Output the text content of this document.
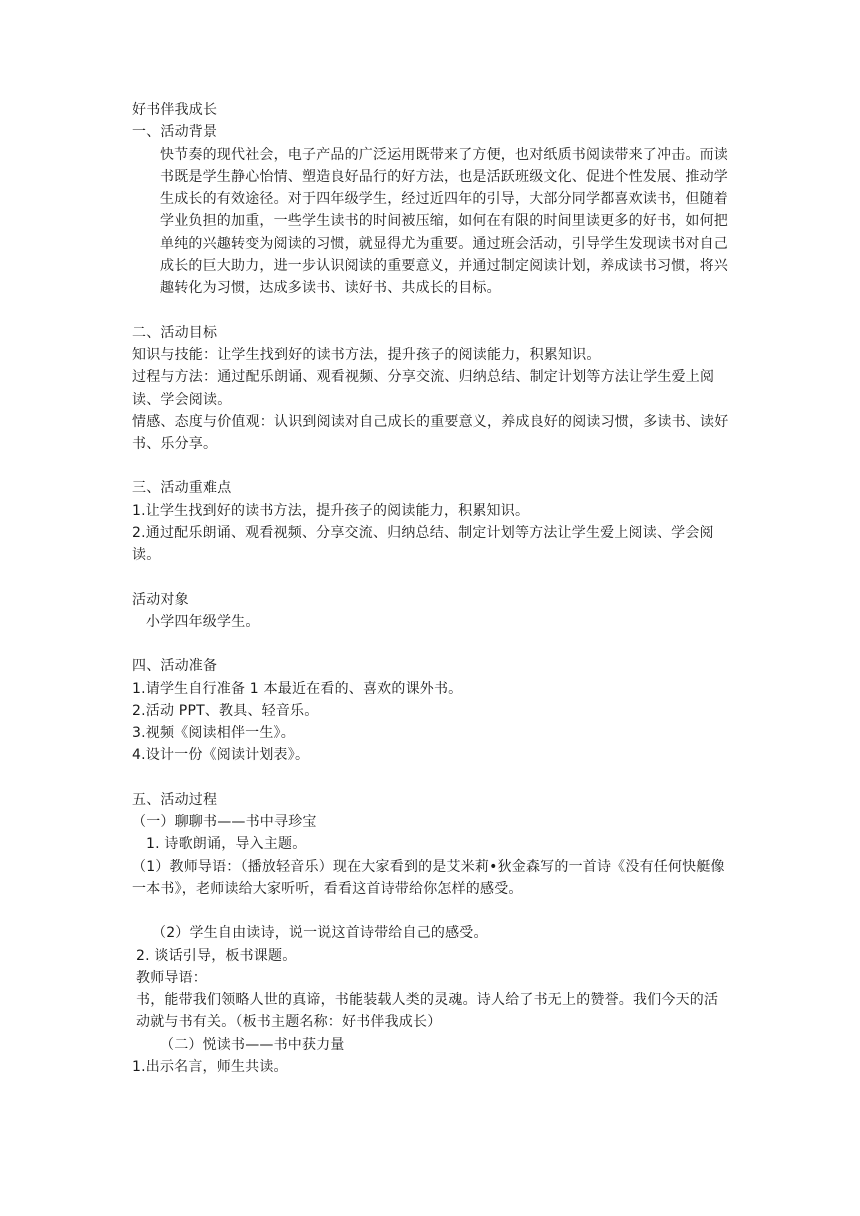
好书伴我成长

一、活动背景

快节奏的现代社会，电子产品的广泛运用既带来了方便，也对纸质书阅读带来了冲击。而读书既是学生静心怡情、塑造良好品行的好方法，也是活跃班级文化、促进个性发展、推动学生成长的有效途径。对于四年级学生，经过近四年的引导，大部分同学都喜欢读书，但随着学业负担的加重，一些学生读书的时间被压缩，如何在有限的时间里读更多的好书，如何把单纯的兴趣转变为阅读的习惯，就显得尤为重要。通过班会活动，引导学生发现读书对自己成长的巨大助力，进一步认识阅读的重要意义，并通过制定阅读计划，养成读书习惯，将兴趣转化为习惯，达成多读书、读好书、共成长的目标。

二、活动目标

知识与技能：让学生找到好的读书方法，提升孩子的阅读能力，积累知识。

过程与方法：通过配乐朗诵、观看视频、分享交流、归纳总结、制定计划等方法让学生爱上阅读、学会阅读。

情感、态度与价值观：认识到阅读对自己成长的重要意义，养成良好的阅读习惯，多读书、读好书、乐分享。

三、活动重难点

1.让学生找到好的读书方法，提升孩子的阅读能力，积累知识。

2.通过配乐朗诵、观看视频、分享交流、归纳总结、制定计划等方法让学生爱上阅读、学会阅读。

活动对象

小学四年级学生。

四、活动准备

1.请学生自行准备 1 本最近在看的、喜欢的课外书。

2.活动 PPT、教具、轻音乐。

3.视频《阅读相伴一生》。

4.设计一份《阅读计划表》。

五、活动过程

（一）聊聊书——书中寻珍宝

1. 诗歌朗诵，导入主题。

（1）教师导语：（播放轻音乐）现在大家看到的是艾米莉•狄金森写的一首诗《没有任何快艇像一本书》，老师读给大家听听，看看这首诗带给你怎样的感受。

（2）学生自由读诗，说一说这首诗带给自己的感受。

2. 谈话引导，板书课题。

教师导语：

书，能带我们领略人世的真谛，书能装载人类的灵魂。诗人给了书无上的赞誉。我们今天的活动就与书有关。（板书主题名称：好书伴我成长）

（二）悦读书——书中获力量

1.出示名言，师生共读。
